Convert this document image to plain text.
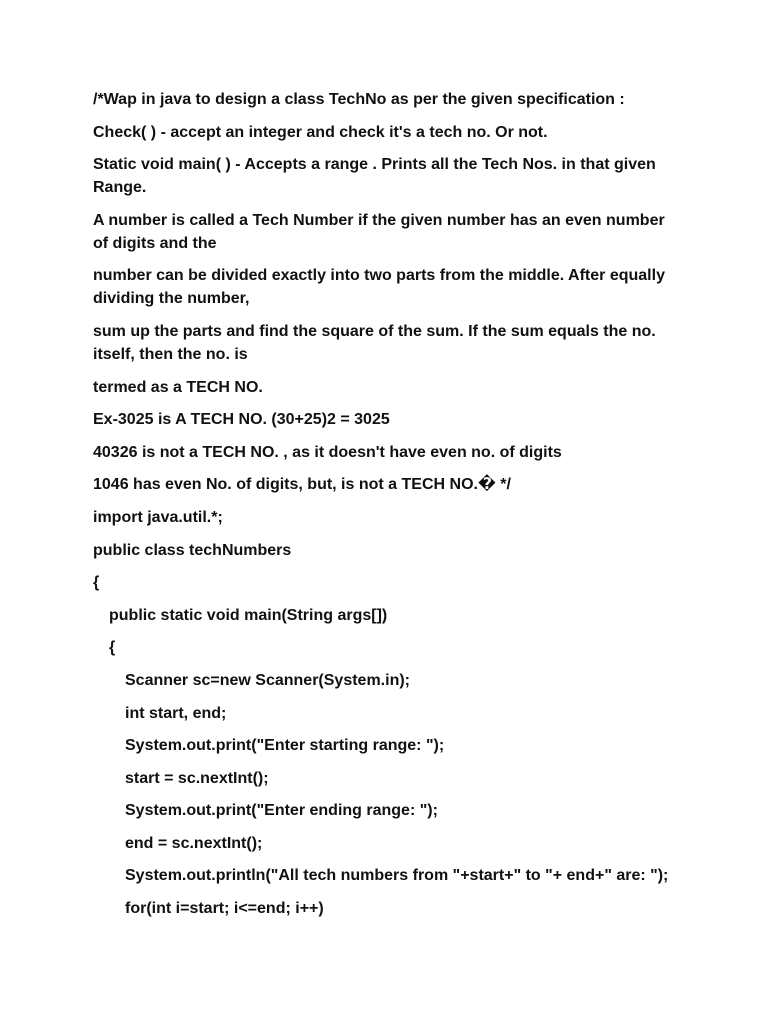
/*Wap in java to design a class TechNo as per the given specification :

Check( ) - accept an integer and check it's a tech no. Or not.

Static void main( ) - Accepts a range . Prints all the Tech Nos. in that given Range.

A number is called a Tech Number if the given number has an even number of digits and the

number can be divided exactly into two parts from the middle. After equally dividing the number,

sum up the parts and find the square of the sum. If the sum equals the no. itself, then the no. is

termed as a TECH NO.

Ex-3025 is A TECH NO. (30+25)2 = 3025

40326 is not a TECH NO. , as it doesn't have even no. of digits

1046 has even No. of digits, but, is not a TECH NO.� */

import java.util.*;

public class techNumbers

{

public static void main(String args[])

{

Scanner sc=new Scanner(System.in);

int start, end;

System.out.print("Enter starting range: ");

start = sc.nextInt();

System.out.print("Enter ending range: ");

end = sc.nextInt();

System.out.println("All tech numbers from "+start+" to "+ end+" are: ");

for(int i=start; i<=end; i++)
